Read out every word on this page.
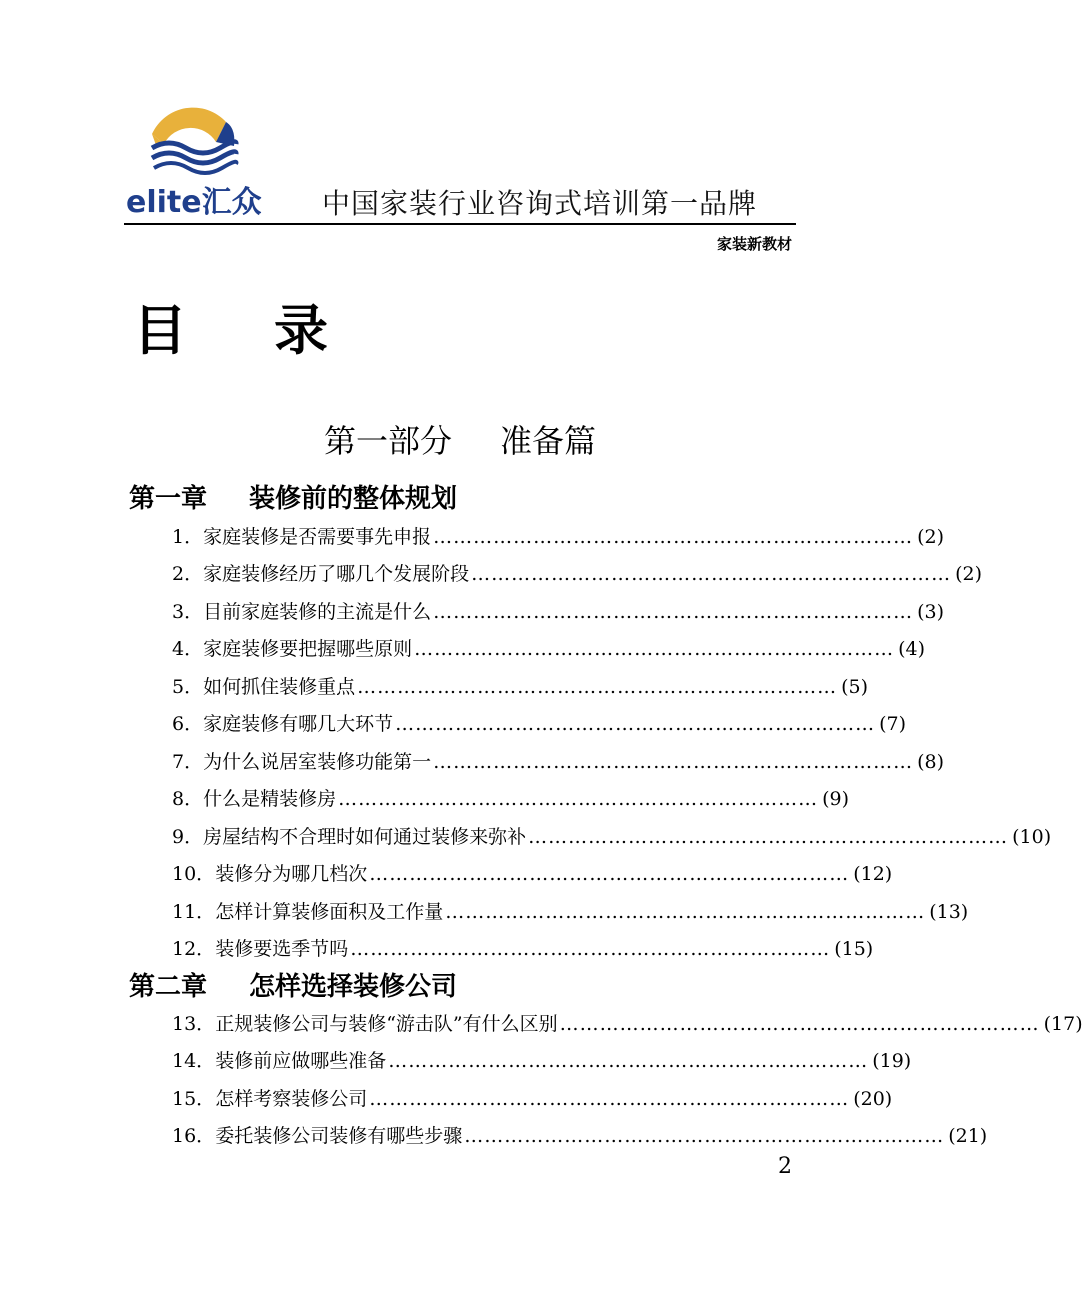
elite汇众 中国家装行业咨询式培训第一品牌
家装新教材
目 录
第一部分 准备篇
第一章 装修前的整体规划
1． 家庭装修是否需要事先申报 ……………………………………………………………… (2)
2． 家庭装修经历了哪几个发展阶段 ……………………………………………………………… (2)
3． 目前家庭装修的主流是什么 ……………………………………………………………… (3)
4． 家庭装修要把握哪些原则 ……………………………………………………………… (4)
5． 如何抓住装修重点 ……………………………………………………………… (5)
6． 家庭装修有哪几大环节 ……………………………………………………………… (7)
7． 为什么说居室装修功能第一 ……………………………………………………………… (8)
8． 什么是精装修房 ……………………………………………………………… (9)
9． 房屋结构不合理时如何通过装修来弥补 ……………………………………………………………… (10)
10． 装修分为哪几档次 ……………………………………………………………… (12)
11． 怎样计算装修面积及工作量 ……………………………………………………………… (13)
12． 装修要选季节吗 ……………………………………………………………… (15)
第二章 怎样选择装修公司
13． 正规装修公司与装修“游击队”有什么区别 ……………………………………………………………… (17)
14． 装修前应做哪些准备 ……………………………………………………………… (19)
15． 怎样考察装修公司 ……………………………………………………………… (20)
16． 委托装修公司装修有哪些步骤 ……………………………………………………………… (21)
2
